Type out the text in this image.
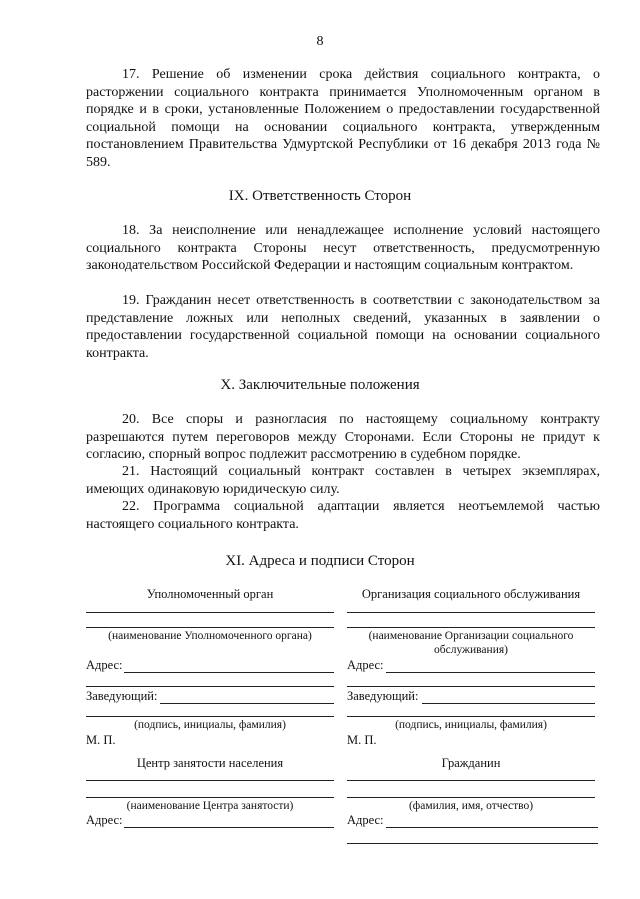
8

17. Решение об изменении срока действия социального контракта, о расторжении социального контракта принимается Уполномоченным органом в порядке и в сроки, установленные Положением о предоставлении государственной социальной помощи на основании социального контракта, утвержденным постановлением Правительства Удмуртской Республики от 16 декабря 2013 года № 589.

IX. Ответственность Сторон

18. За неисполнение или ненадлежащее исполнение условий настоящего социального контракта Стороны несут ответственность, предусмотренную законодательством Российской Федерации и настоящим социальным контрактом.

19. Гражданин несет ответственность в соответствии с законодательством за представление ложных или неполных сведений, указанных в заявлении о предоставлении государственной социальной помощи на основании социального контракта.

X. Заключительные положения

20. Все споры и разногласия по настоящему социальному контракту разрешаются путем переговоров между Сторонами. Если Стороны не придут к согласию, спорный вопрос подлежит рассмотрению в судебном порядке.

21. Настоящий социальный контракт составлен в четырех экземплярах, имеющих одинаковую юридическую силу.

22. Программа социальной адаптации является неотъемлемой частью настоящего социального контракта.

XI. Адреса и подписи Сторон

Уполномоченный орган
(наименование Уполномоченного органа)
Адрес:
Заведующий:
(подпись, инициалы, фамилия)
М. П.
Организация социального обслуживания
(наименование Организации социального обслуживания)
Адрес:
Заведующий:
(подпись, инициалы, фамилия)
М. П.
Центр занятости населения
(наименование Центра занятости)
Адрес:
Гражданин
(фамилия, имя, отчество)
Адрес:
